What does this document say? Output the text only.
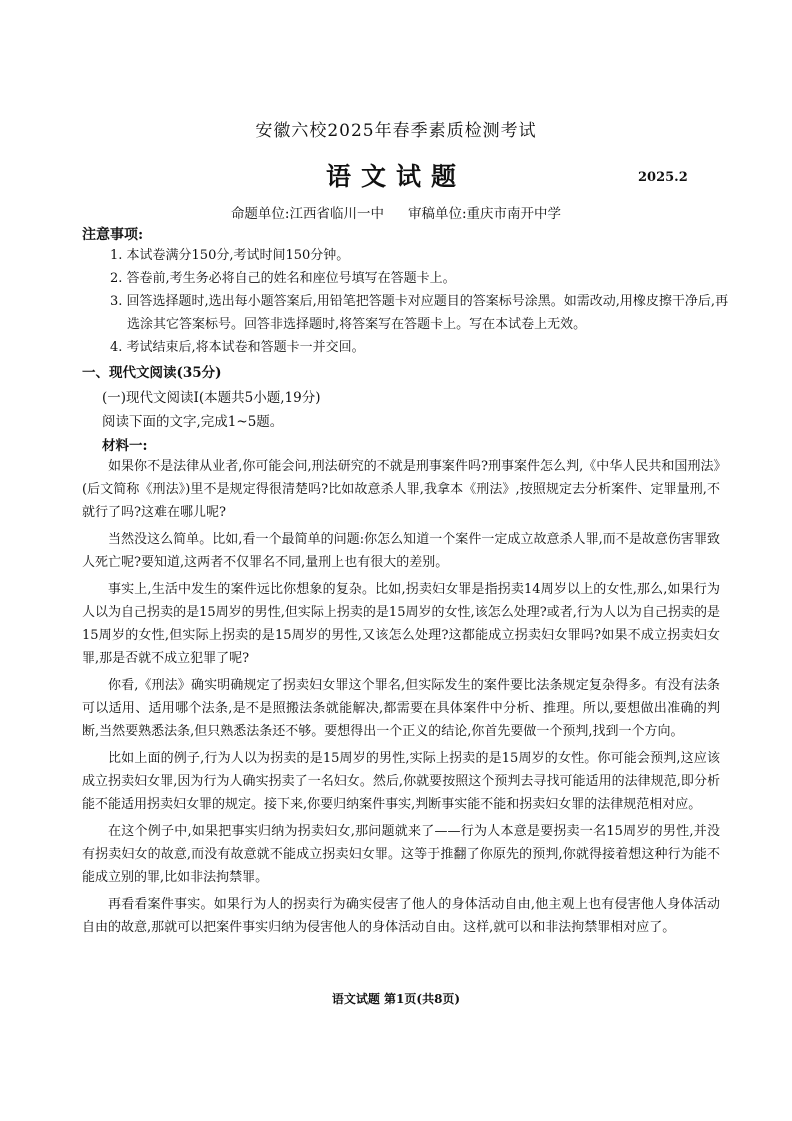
安徽六校2025年春季素质检测考试
语文试题	2025.2
命题单位:江西省临川一中 审稿单位:重庆市南开中学
注意事项:
1. 本试卷满分150分,考试时间150分钟。
2. 答卷前,考生务必将自己的姓名和座位号填写在答题卡上。
3. 回答选择题时,选出每小题答案后,用铅笔把答题卡对应题目的答案标号涂黑。如需改动,用橡皮擦干净后,再选涂其它答案标号。回答非选择题时,将答案写在答题卡上。写在本试卷上无效。
4. 考试结束后,将本试卷和答题卡一并交回。
一、现代文阅读(35分)
(一)现代文阅读Ⅰ(本题共5小题,19分)
阅读下面的文字,完成1~5题。
材料一:

如果你不是法律从业者,你可能会问,刑法研究的不就是刑事案件吗?刑事案件怎么判,《中华人民共和国刑法》(后文简称《刑法》)里不是规定得很清楚吗?比如故意杀人罪,我拿本《刑法》,按照规定去分析案件、定罪量刑,不就行了吗?这难在哪儿呢?

当然没这么简单。比如,看一个最简单的问题:你怎么知道一个案件一定成立故意杀人罪,而不是故意伤害罪致人死亡呢?要知道,这两者不仅罪名不同,量刑上也有很大的差别。

事实上,生活中发生的案件远比你想象的复杂。比如,拐卖妇女罪是指拐卖14周岁以上的女性,那么,如果行为人以为自己拐卖的是15周岁的男性,但实际上拐卖的是15周岁的女性,该怎么处理?或者,行为人以为自己拐卖的是15周岁的女性,但实际上拐卖的是15周岁的男性,又该怎么处理?这都能成立拐卖妇女罪吗?如果不成立拐卖妇女罪,那是否就不成立犯罪了呢?

你看,《刑法》确实明确规定了拐卖妇女罪这个罪名,但实际发生的案件要比法条规定复杂得多。有没有法条可以适用、适用哪个法条,是不是照搬法条就能解决,都需要在具体案件中分析、推理。所以,要想做出准确的判断,当然要熟悉法条,但只熟悉法条还不够。要想得出一个正义的结论,你首先要做一个预判,找到一个方向。

比如上面的例子,行为人以为拐卖的是15周岁的男性,实际上拐卖的是15周岁的女性。你可能会预判,这应该成立拐卖妇女罪,因为行为人确实拐卖了一名妇女。然后,你就要按照这个预判去寻找可能适用的法律规范,即分析能不能适用拐卖妇女罪的规定。接下来,你要归纳案件事实,判断事实能不能和拐卖妇女罪的法律规范相对应。

在这个例子中,如果把事实归纳为拐卖妇女,那问题就来了——行为人本意是要拐卖一名15周岁的男性,并没有拐卖妇女的故意,而没有故意就不能成立拐卖妇女罪。这等于推翻了你原先的预判,你就得接着想这种行为能不能成立别的罪,比如非法拘禁罪。

再看看案件事实。如果行为人的拐卖行为确实侵害了他人的身体活动自由,他主观上也有侵害他人身体活动自由的故意,那就可以把案件事实归纳为侵害他人的身体活动自由。这样,就可以和非法拘禁罪相对应了。

语文试题 第1页(共8页)
